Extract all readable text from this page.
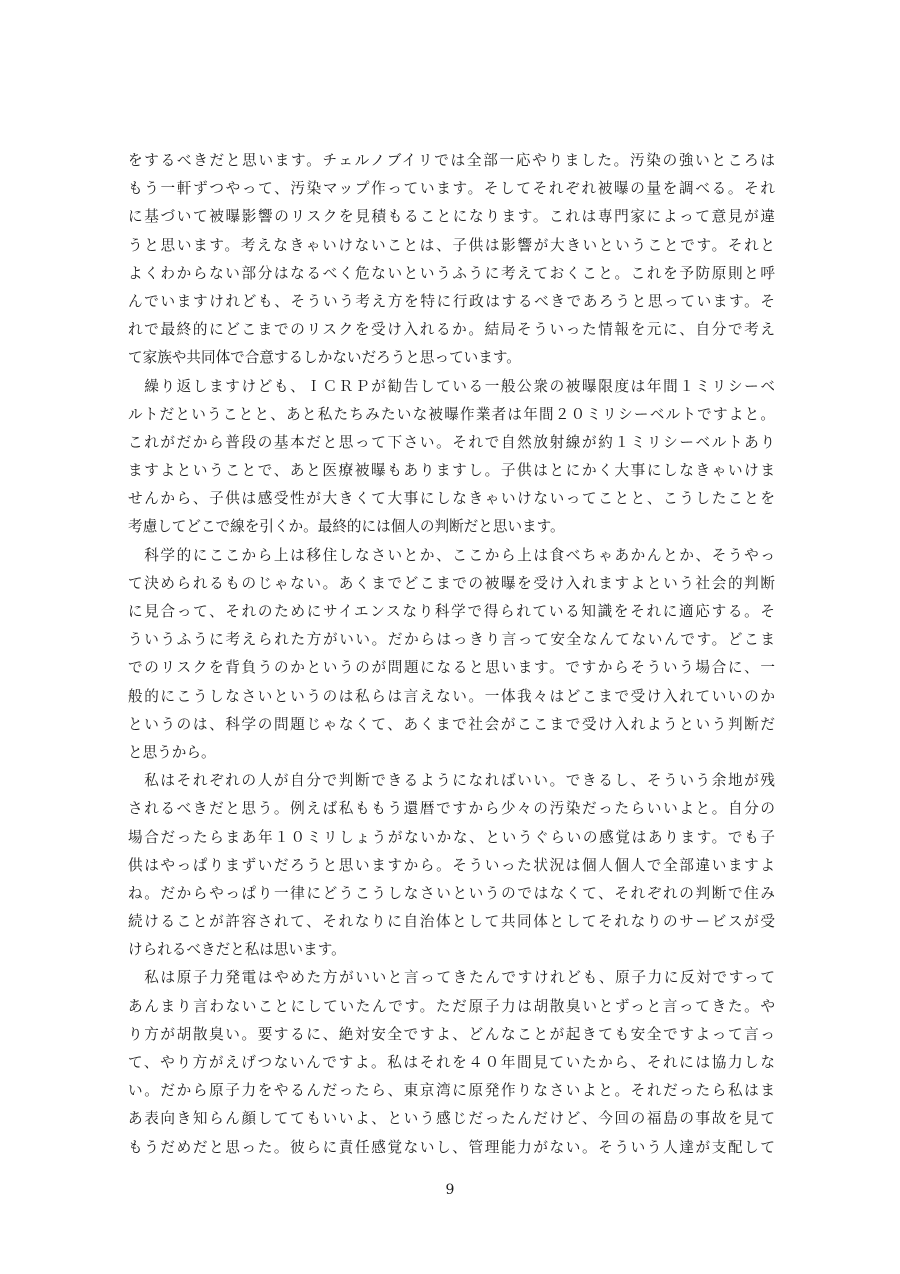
をするべきだと思います。チェルノブイリでは全部一応やりました。汚染の強いところは
もう一軒ずつやって、汚染マップ作っています。そしてそれぞれ被曝の量を調べる。それ
に基づいて被曝影響のリスクを見積もることになります。これは専門家によって意見が違
うと思います。考えなきゃいけないことは、子供は影響が大きいということです。それと
よくわからない部分はなるべく危ないというふうに考えておくこと。これを予防原則と呼
んでいますけれども、そういう考え方を特に行政はするべきであろうと思っています。そ
れで最終的にどこまでのリスクを受け入れるか。結局そういった情報を元に、自分で考え
て家族や共同体で合意するしかないだろうと思っています。
　繰り返しますけども、ＩＣＲＰが勧告している一般公衆の被曝限度は年間１ミリシーベ
ルトだということと、あと私たちみたいな被曝作業者は年間２０ミリシーベルトですよと。
これがだから普段の基本だと思って下さい。それで自然放射線が約１ミリシーベルトあり
ますよということで、あと医療被曝もありますし。子供はとにかく大事にしなきゃいけま
せんから、子供は感受性が大きくて大事にしなきゃいけないってことと、こうしたことを
考慮してどこで線を引くか。最終的には個人の判断だと思います。
　科学的にここから上は移住しなさいとか、ここから上は食べちゃあかんとか、そうやっ
て決められるものじゃない。あくまでどこまでの被曝を受け入れますよという社会的判断
に見合って、それのためにサイエンスなり科学で得られている知識をそれに適応する。そ
ういうふうに考えられた方がいい。だからはっきり言って安全なんてないんです。どこま
でのリスクを背負うのかというのが問題になると思います。ですからそういう場合に、一
般的にこうしなさいというのは私らは言えない。一体我々はどこまで受け入れていいのか
というのは、科学の問題じゃなくて、あくまで社会がここまで受け入れようという判断だ
と思うから。
　私はそれぞれの人が自分で判断できるようになればいい。できるし、そういう余地が残
されるべきだと思う。例えば私ももう還暦ですから少々の汚染だったらいいよと。自分の
場合だったらまあ年１０ミリしょうがないかな、というぐらいの感覚はあります。でも子
供はやっぱりまずいだろうと思いますから。そういった状況は個人個人で全部違いますよ
ね。だからやっぱり一律にどうこうしなさいというのではなくて、それぞれの判断で住み
続けることが許容されて、それなりに自治体として共同体としてそれなりのサービスが受
けられるべきだと私は思います。
　私は原子力発電はやめた方がいいと言ってきたんですけれども、原子力に反対ですって
あんまり言わないことにしていたんです。ただ原子力は胡散臭いとずっと言ってきた。や
り方が胡散臭い。要するに、絶対安全ですよ、どんなことが起きても安全ですよって言っ
て、やり方がえげつないんですよ。私はそれを４０年間見ていたから、それには協力しな
い。だから原子力をやるんだったら、東京湾に原発作りなさいよと。それだったら私はま
あ表向き知らん顔しててもいいよ、という感じだったんだけど、今回の福島の事故を見て
もうだめだと思った。彼らに責任感覚ないし、管理能力がない。そういう人達が支配して
9
